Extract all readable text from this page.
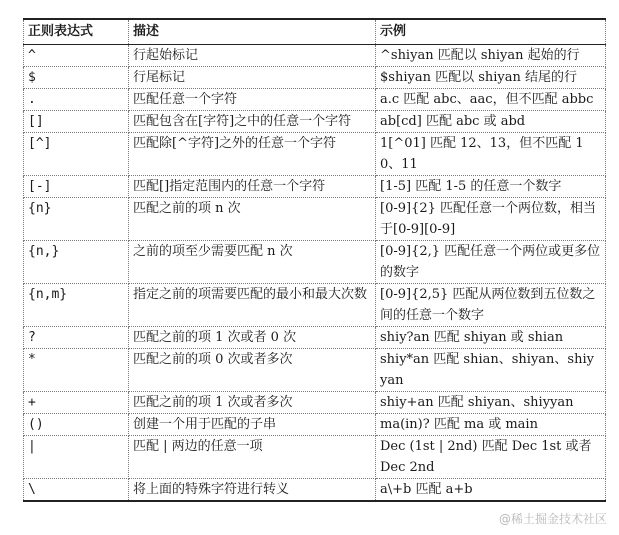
正则表达式	描述	示例
^	行起始标记	^shiyan 匹配以 shiyan 起始的行
$	行尾标记	$shiyan 匹配以 shiyan 结尾的行
.	匹配任意一个字符	a.c 匹配 abc、aac，但不匹配 abbc
[]	匹配包含在[字符]之中的任意一个字符	ab[cd] 匹配 abc 或 abd
[^]	匹配除[^字符]之外的任意一个字符	1[^01] 匹配 12、13，但不匹配 10、11
[-]	匹配[]指定范围内的任意一个字符	[1-5] 匹配 1-5 的任意一个数字
{n}	匹配之前的项 n 次	[0-9]{2} 匹配任意一个两位数，相当于[0-9][0-9]
{n,}	之前的项至少需要匹配 n 次	[0-9]{2,} 匹配任意一个两位或更多位的数字
{n,m}	指定之前的项需要匹配的最小和最大次数	[0-9]{2,5} 匹配从两位数到五位数之间的任意一个数字
?	匹配之前的项 1 次或者 0 次	shiy?an 匹配 shiyan 或 shian
*	匹配之前的项 0 次或者多次	shiy*an 匹配 shian、shiyan、shiyyan
+	匹配之前的项 1 次或者多次	shiy+an 匹配 shiyan、shiyyan
()	创建一个用于匹配的子串	ma(in)? 匹配 ma 或 main
|	匹配 | 两边的任意一项	Dec (1st | 2nd) 匹配 Dec 1st 或者 Dec 2nd
\	将上面的特殊字符进行转义	a\+b 匹配 a+b
@稀土掘金技术社区
